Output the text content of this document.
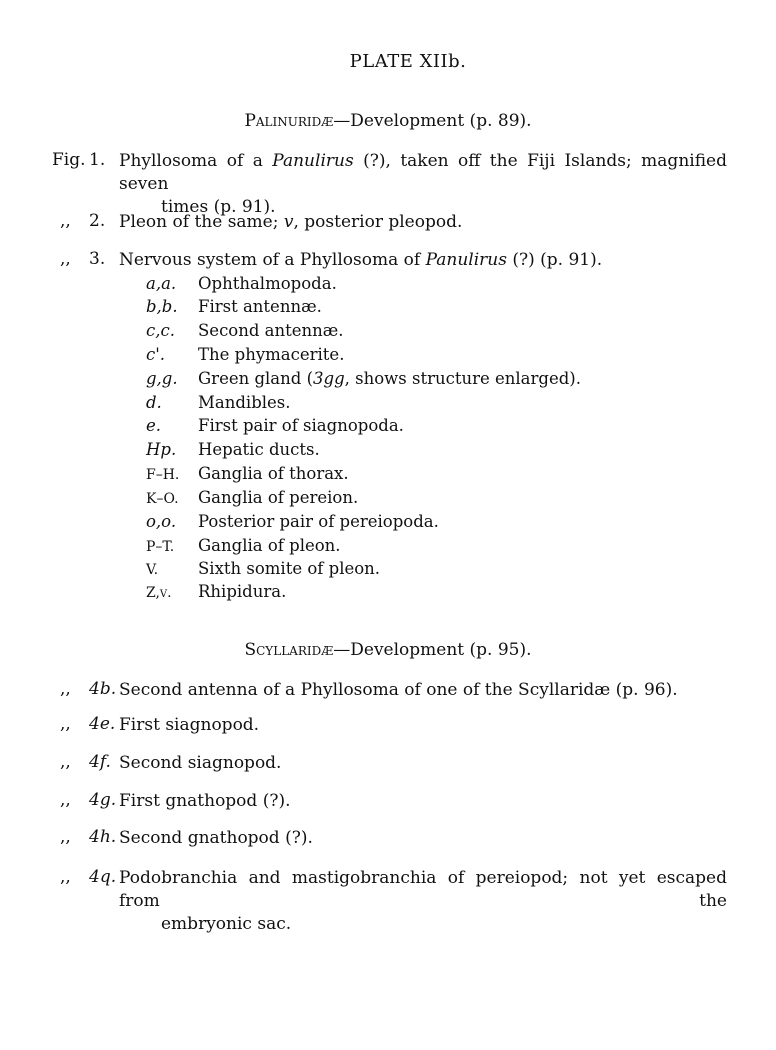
PLATE XIIb.
Palinuridæ—Development (p. 89).
Fig. 1. Phyllosoma of a Panulirus (?), taken off the Fiji Islands; magnified seven
times (p. 91).
,, 2. Pleon of the same; v, posterior pleopod.
,, 3. Nervous system of a Phyllosoma of Panulirus (?) (p. 91).
a,a. Ophthalmopoda.
b,b. First antennæ.
c,c. Second antennæ.
c'. The phymacerite.
g,g. Green gland (3gg, shows structure enlarged).
d. Mandibles.
e. First pair of siagnopoda.
Hp. Hepatic ducts.
F–H. Ganglia of thorax.
K–O. Ganglia of pereion.
o,o. Posterior pair of pereiopoda.
P–T. Ganglia of pleon.
V. Sixth somite of pleon.
Z,v. Rhipidura.
Scyllaridæ—Development (p. 95).
,, 4b. Second antenna of a Phyllosoma of one of the Scyllaridæ (p. 96).
,, 4e. First siagnopod.
,, 4f. Second siagnopod.
,, 4g. First gnathopod (?).
,, 4h. Second gnathopod (?).
,, 4q. Podobranchia and mastigobranchia of pereiopod; not yet escaped from the
embryonic sac.
